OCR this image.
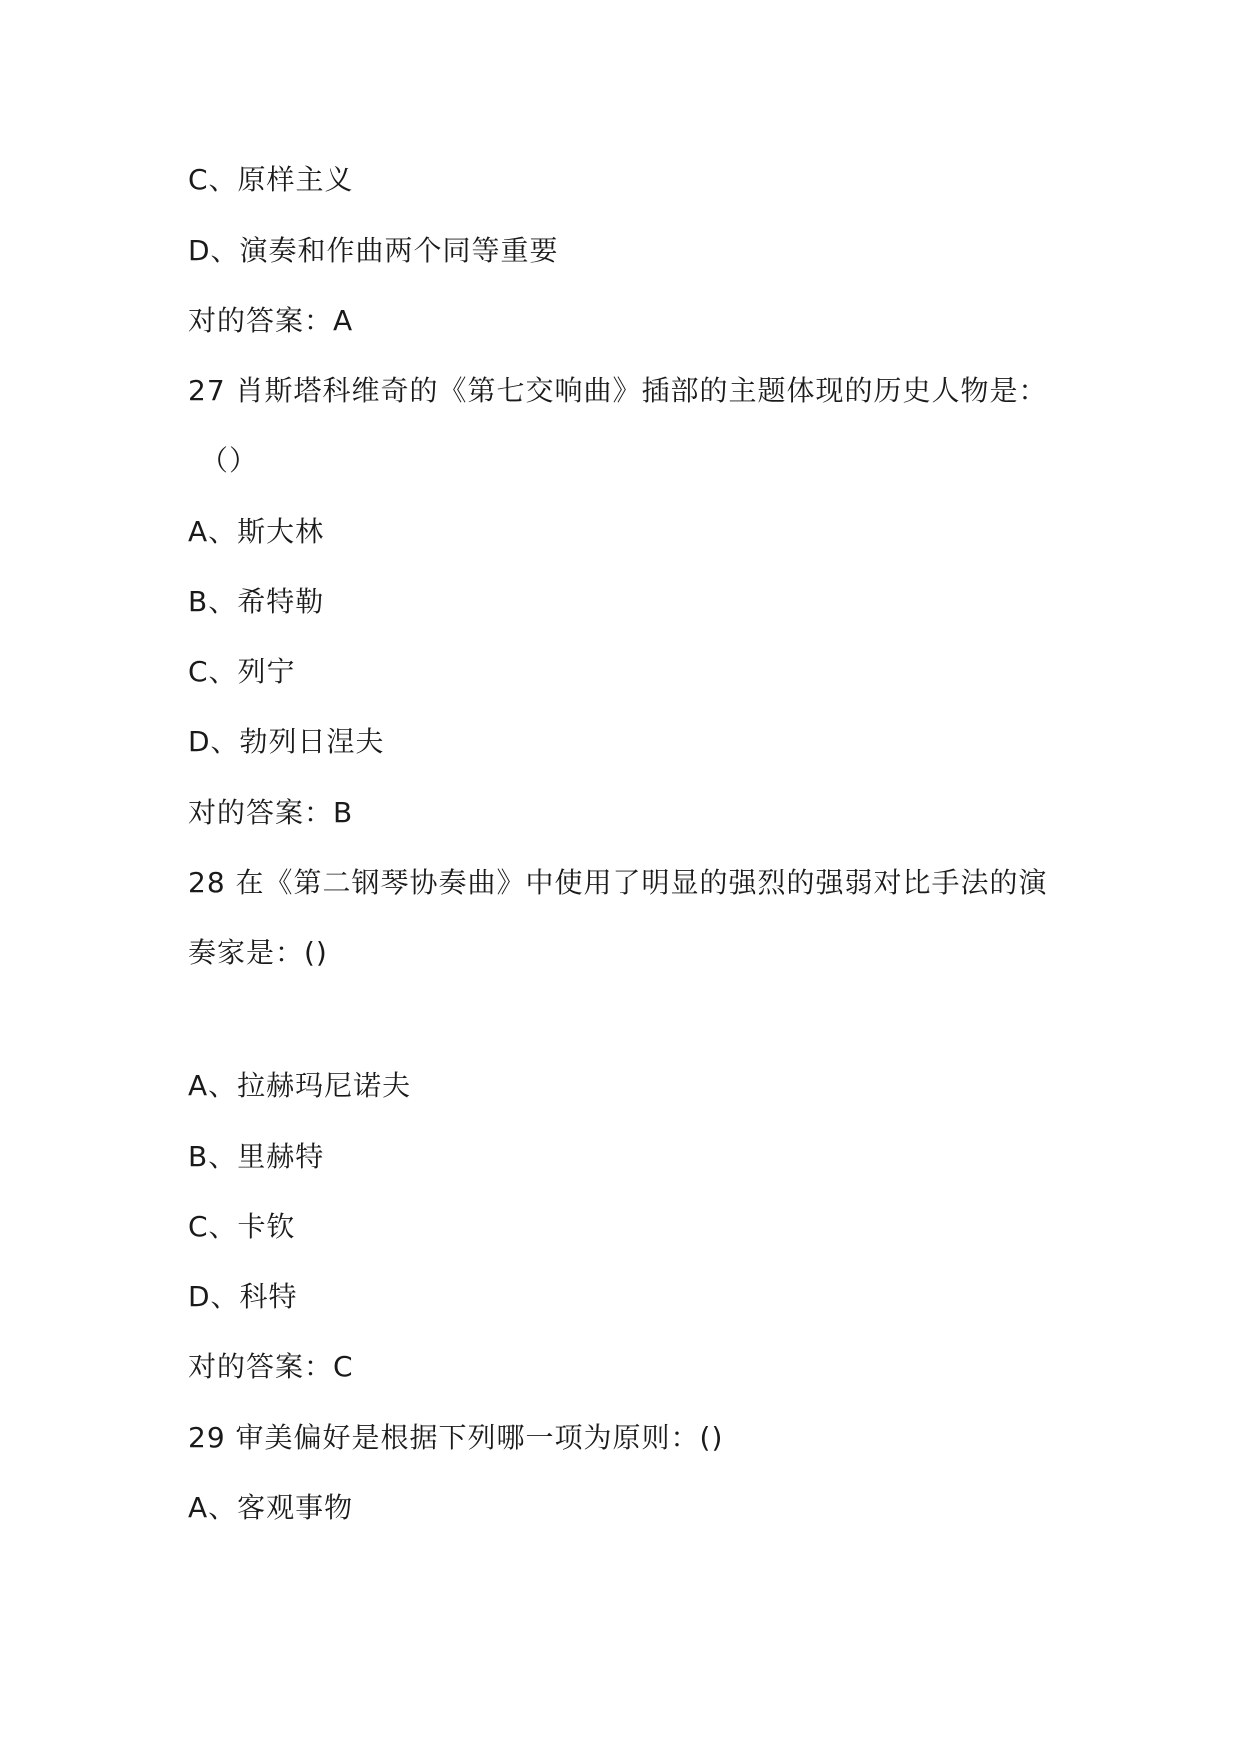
C、原样主义
D、演奏和作曲两个同等重要
对的答案：A
27 肖斯塔科维奇的《第七交响曲》插部的主题体现的历史人物是：
（）
A、斯大林
B、希特勒
C、列宁
D、勃列日涅夫
对的答案：B
28 在《第二钢琴协奏曲》中使用了明显的强烈的强弱对比手法的演
奏家是：()
A、拉赫玛尼诺夫
B、里赫特
C、卡钦
D、科特
对的答案：C
29 审美偏好是根据下列哪一项为原则：()
A、客观事物
